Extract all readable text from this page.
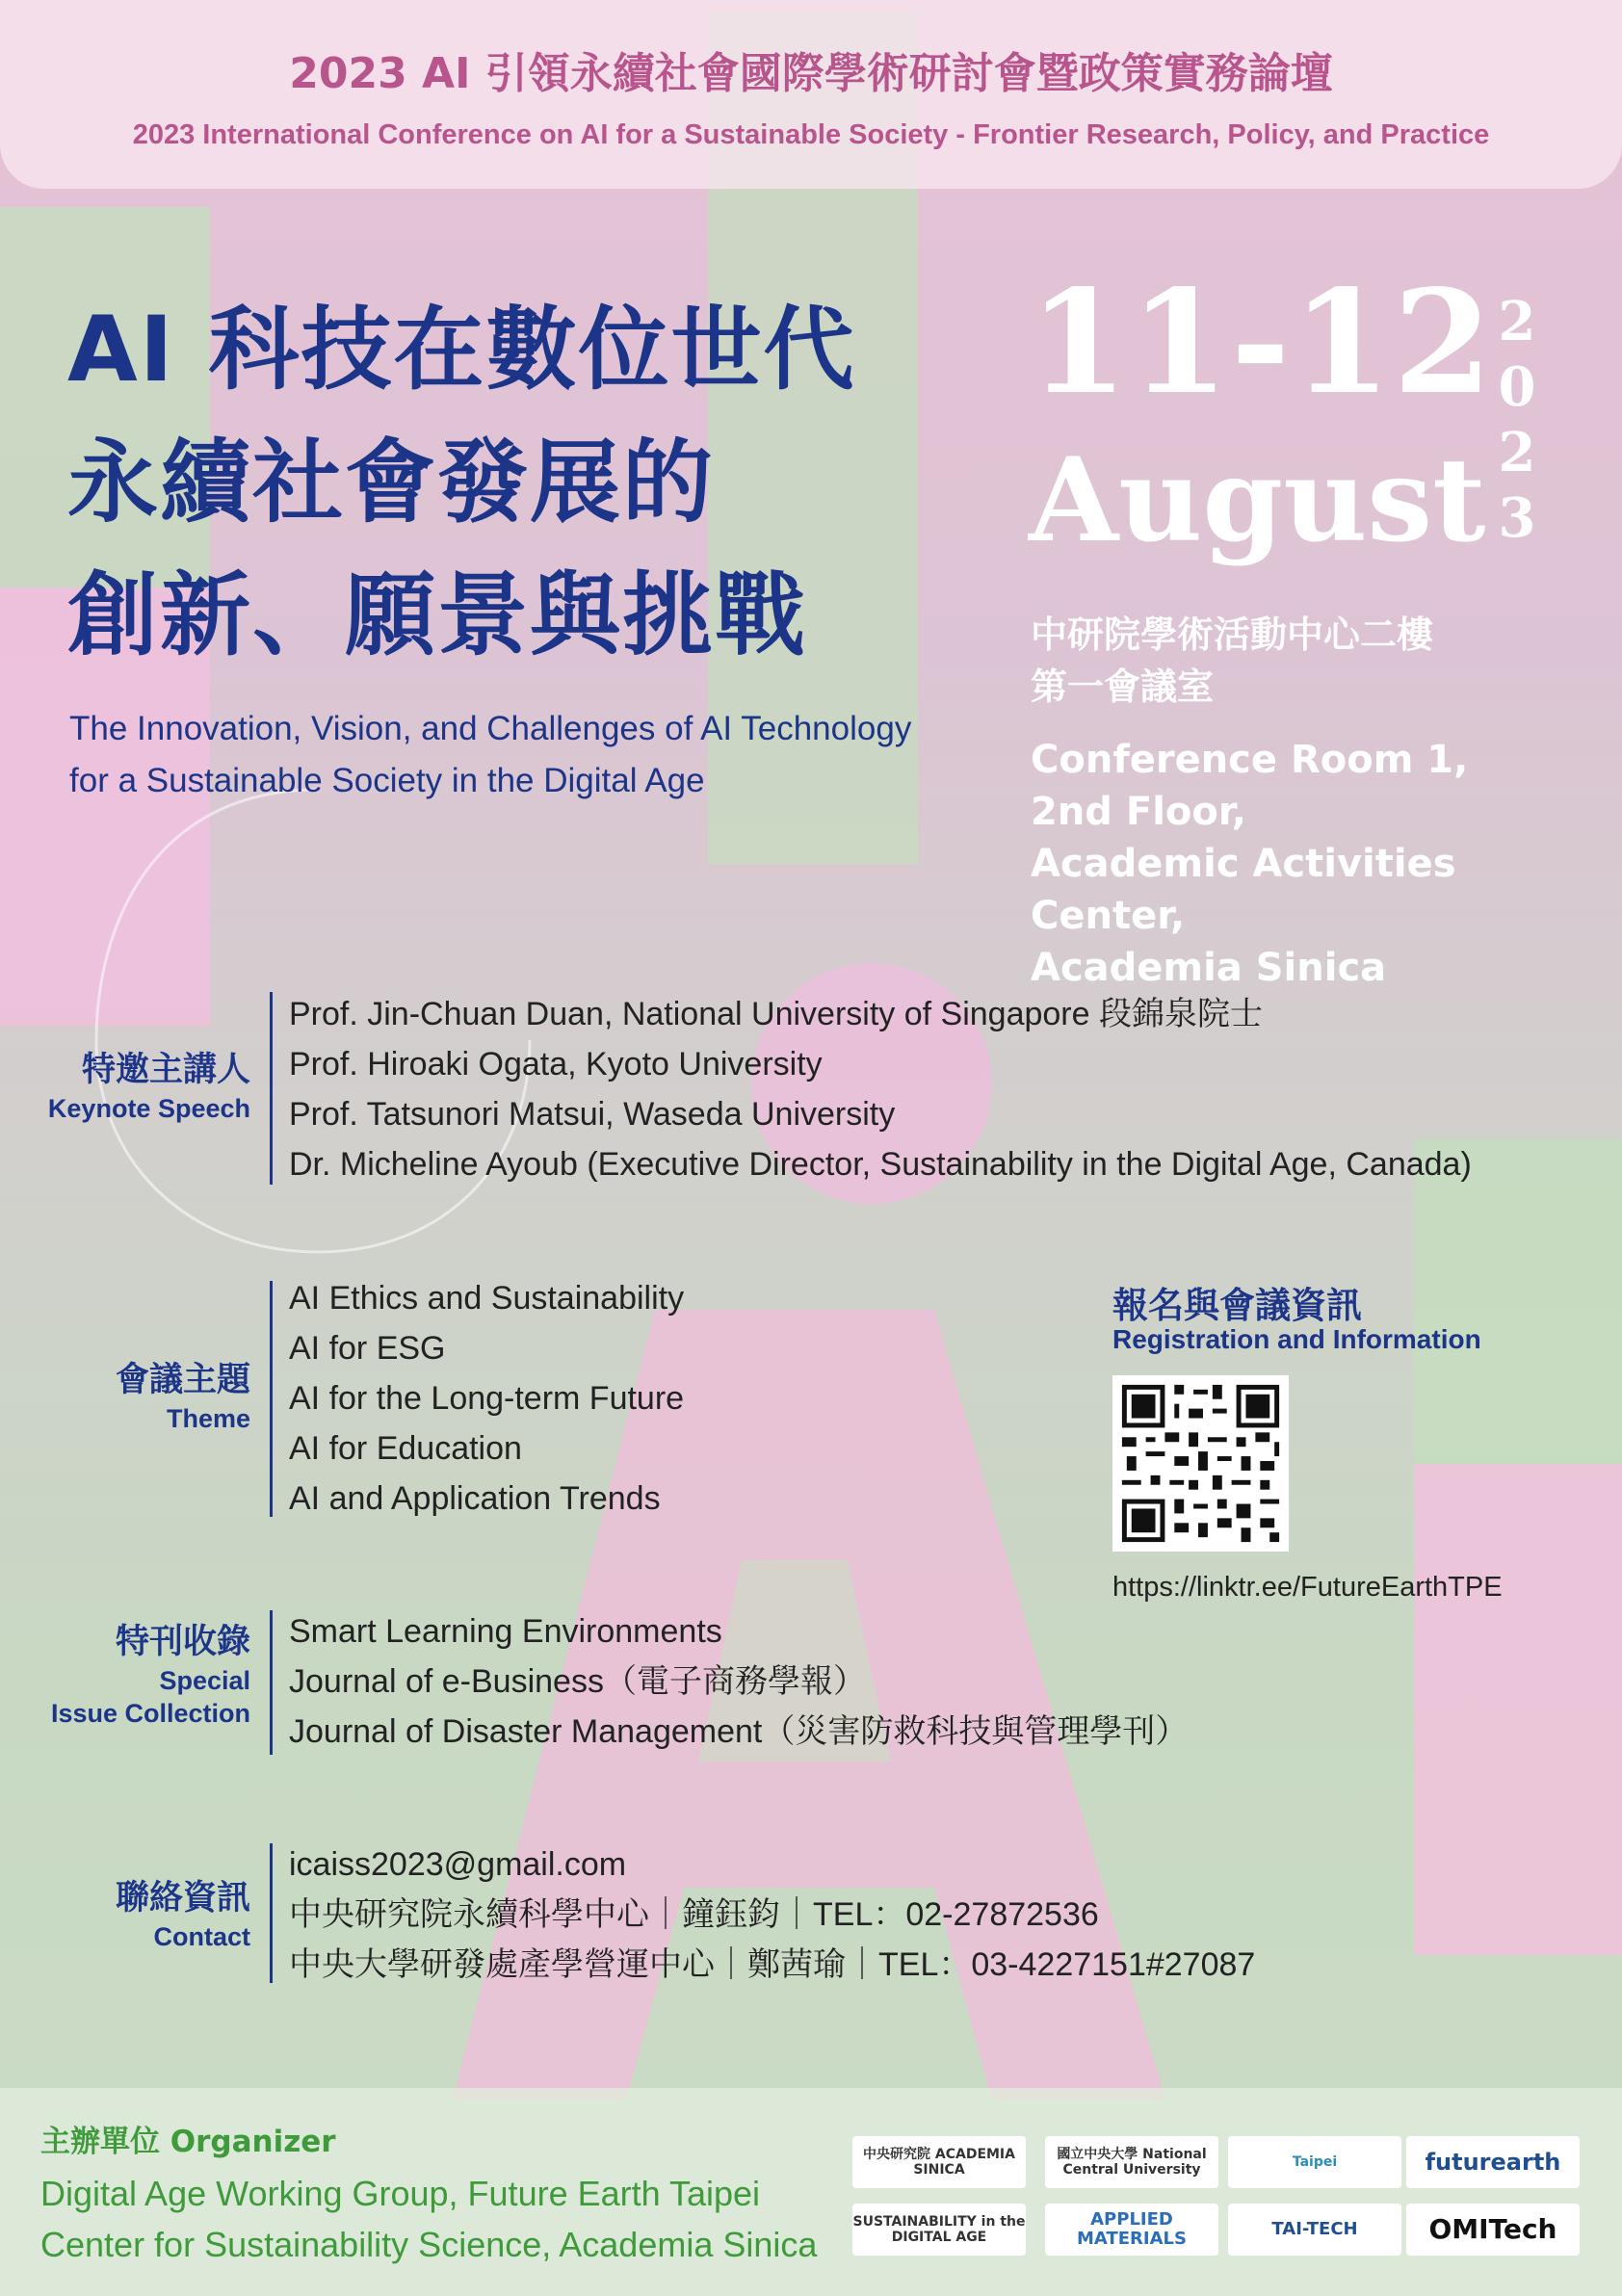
2023 AI 引領永續社會國際學術研討會暨政策實務論壇
2023 International Conference on AI for a Sustainable Society - Frontier Research, Policy, and Practice
AI 科技在數位世代
永續社會發展的
創新、願景與挑戰
The Innovation, Vision, and Challenges of AI Technology
for a Sustainable Society in the Digital Age
11-12
August
2
0
2
3
中研院學術活動中心二樓
第一會議室
Conference Room 1,
2nd Floor,
Academic Activities Center,
Academia Sinica
特邀主講人
Keynote Speech
Prof. Jin-Chuan Duan, National University of Singapore 段錦泉院士
Prof. Hiroaki Ogata, Kyoto University
Prof. Tatsunori Matsui, Waseda University
Dr. Micheline Ayoub (Executive Director, Sustainability in the Digital Age, Canada)
會議主題
Theme
AI Ethics and Sustainability
AI for ESG
AI for the Long-term Future
AI for Education
AI and Application Trends
報名與會議資訊
Registration and Information
https://linktr.ee/FutureEarthTPE
特刊收錄
Special
Issue Collection
Smart Learning Environments
Journal of e-Business（電子商務學報）
Journal of Disaster Management（災害防救科技與管理學刊）
聯絡資訊
Contact
icaiss2023@gmail.com
中央研究院永續科學中心｜鐘鈺鈞｜TEL：02-27872536
中央大學研發處產學營運中心｜鄭茜瑜｜TEL：03-4227151#27087
主辦單位 Organizer
Digital Age Working Group, Future Earth Taipei
Center for Sustainability Science, Academia Sinica
中央研究院 ACADEMIA SINICA
國立中央大學 National Central University	Taipei	futurearth
SUSTAINABILITY in the DIGITAL AGE
APPLIED MATERIALS	TAI-TECH	OMITech
